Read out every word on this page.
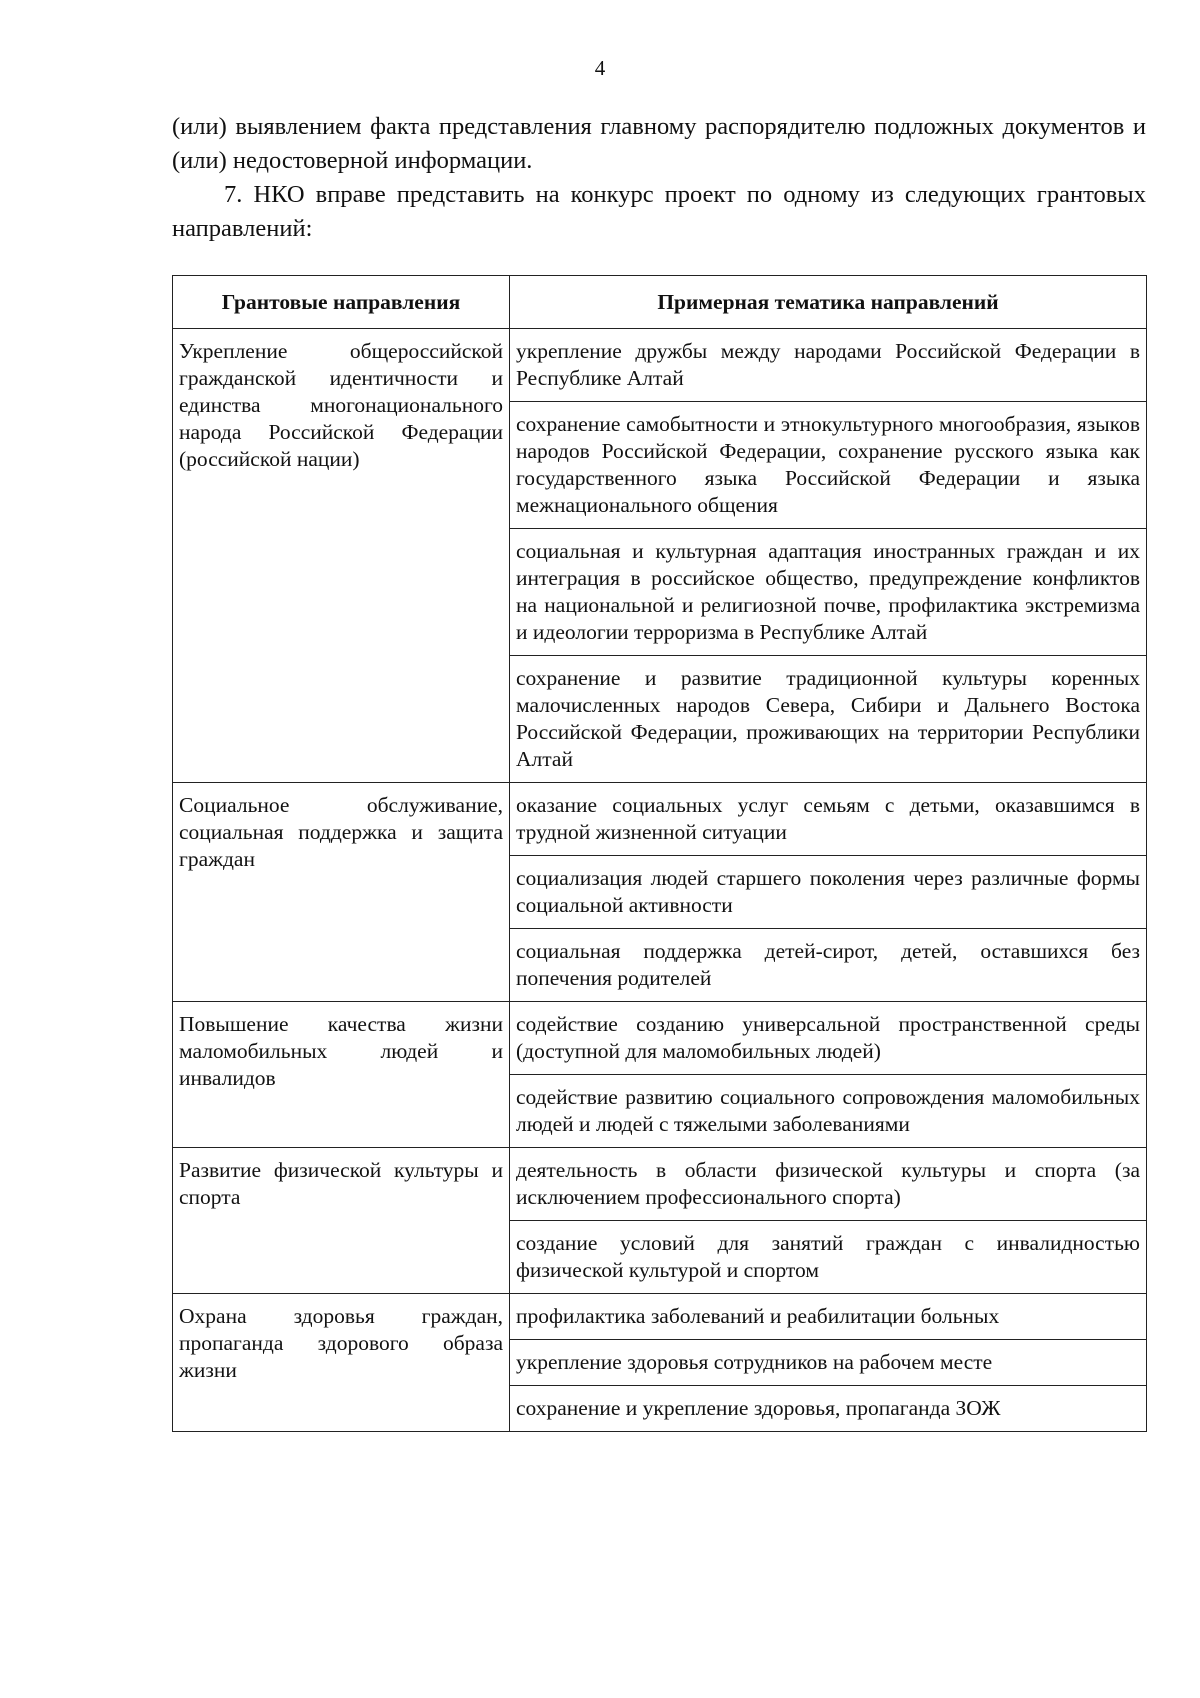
4

(или) выявлением факта представления главному распорядителю подложных документов и (или) недостоверной информации.

7. НКО вправе представить на конкурс проект по одному из следующих грантовых направлений:

Грантовые направления	Примерная тематика направлений
Укрепление общероссийской гражданской идентичности и единства многонационального народа Российской Федерации (российской нации)	укрепление дружбы между народами Российской Федерации в Республике Алтай
	сохранение самобытности и этнокультурного многообразия, языков народов Российской Федерации, сохранение русского языка как государственного языка Российской Федерации и языка межнационального общения
	социальная и культурная адаптация иностранных граждан и их интеграция в российское общество, предупреждение конфликтов на национальной и религиозной почве, профилактика экстремизма и идеологии терроризма в Республике Алтай
	сохранение и развитие традиционной культуры коренных малочисленных народов Севера, Сибири и Дальнего Востока Российской Федерации, проживающих на территории Республики Алтай
Социальное обслуживание, социальная поддержка и защита граждан	оказание социальных услуг семьям с детьми, оказавшимся в трудной жизненной ситуации
	социализация людей старшего поколения через различные формы социальной активности
	социальная поддержка детей-сирот, детей, оставшихся без попечения родителей
Повышение качества жизни маломобильных людей и инвалидов	содействие созданию универсальной пространственной среды (доступной для маломобильных людей)
	содействие развитию социального сопровождения маломобильных людей и людей с тяжелыми заболеваниями
Развитие физической культуры и спорта	деятельность в области физической культуры и спорта (за исключением профессионального спорта)
	создание условий для занятий граждан с инвалидностью физической культурой и спортом
Охрана здоровья граждан, пропаганда здорового образа жизни	профилактика заболеваний и реабилитации больных
	укрепление здоровья сотрудников на рабочем месте
	сохранение и укрепление здоровья, пропаганда ЗОЖ
